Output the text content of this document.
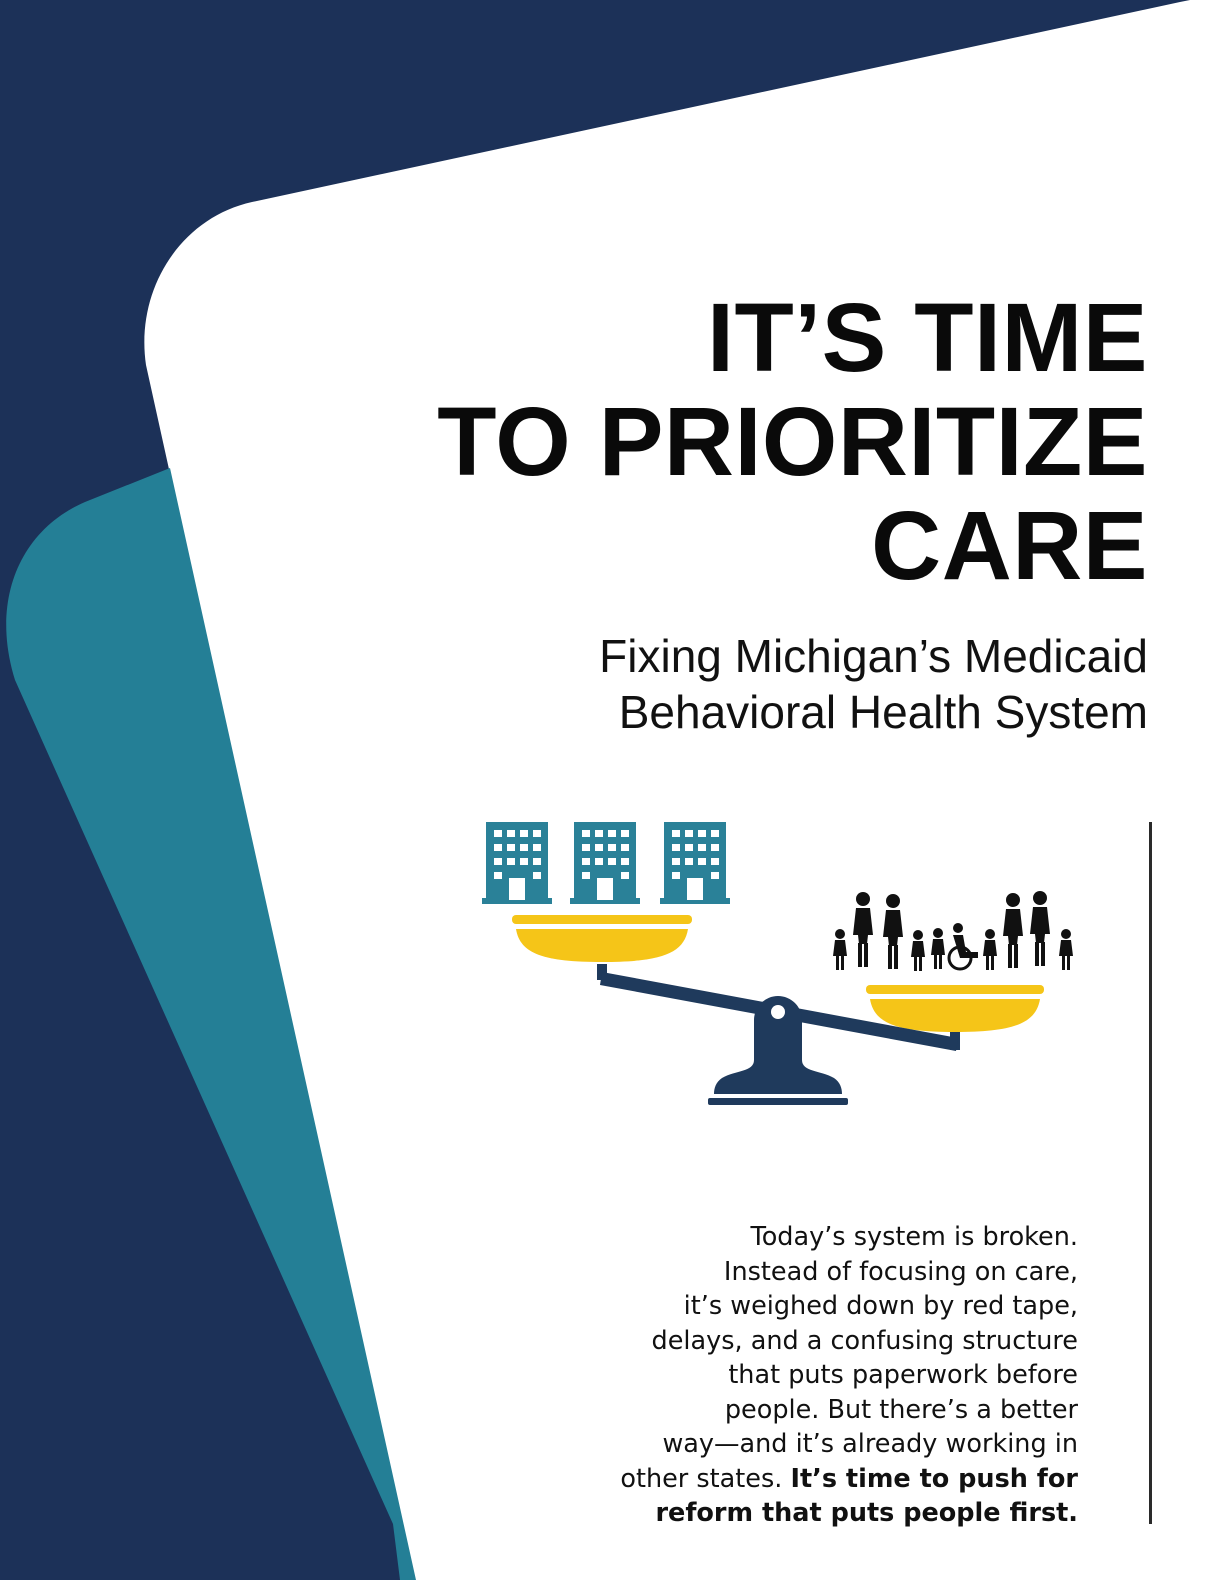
IT’S TIME
TO PRIORITIZE
CARE
Fixing Michigan’s Medicaid
Behavioral Health System

Today’s system is broken.
Instead of focusing on care,
it’s weighed down by red tape,
delays, and a confusing structure
that puts paperwork before
people. But there’s a better
way—and it’s already working in
other states. It’s time to push for
reform that puts people first.
